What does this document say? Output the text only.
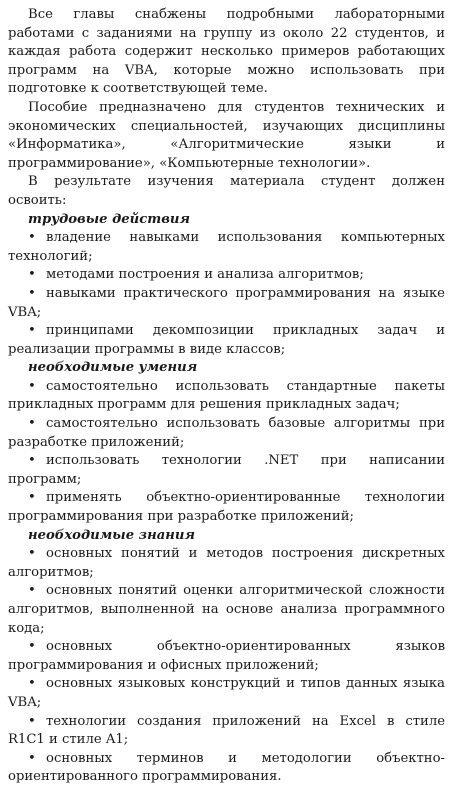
Все главы снабжены подробными лабораторными работами с заданиями на группу из около 22 студентов, и каждая работа содержит несколько примеров работающих программ на VBA, которые можно использовать при подготовке к соответствующей теме.

Пособие предназначено для студентов технических и экономических специальностей, изучающих дисциплины «Информатика», «Алгоритмические языки и программирование», «Компьютерные технологии».

В результате изучения материала студент должен освоить:

трудовые действия

• владение навыками использования компьютерных технологий;

• методами построения и анализа алгоритмов;

• навыками практического программирования на языке VBA;

• принципами декомпозиции прикладных задач и реализации программы в виде классов;

необходимые умения

• самостоятельно использовать стандартные пакеты прикладных программ для решения прикладных задач;

• самостоятельно использовать базовые алгоритмы при разработке приложений;

• использовать технологии .NET при написании программ;

• применять объектно-ориентированные технологии программирования при разработке приложений;

необходимые знания

• основных понятий и методов построения дискретных алгоритмов;

• основных понятий оценки алгоритмической сложности алгоритмов, выполненной на основе анализа программного кода;

• основных объектно-ориентированных языков программирования и офисных приложений;

• основных языковых конструкций и типов данных языка VBA;

• технологии создания приложений на Excel в стиле R1C1 и стиле A1;

• основных терминов и методологии объектно-ориентированного программирования.
